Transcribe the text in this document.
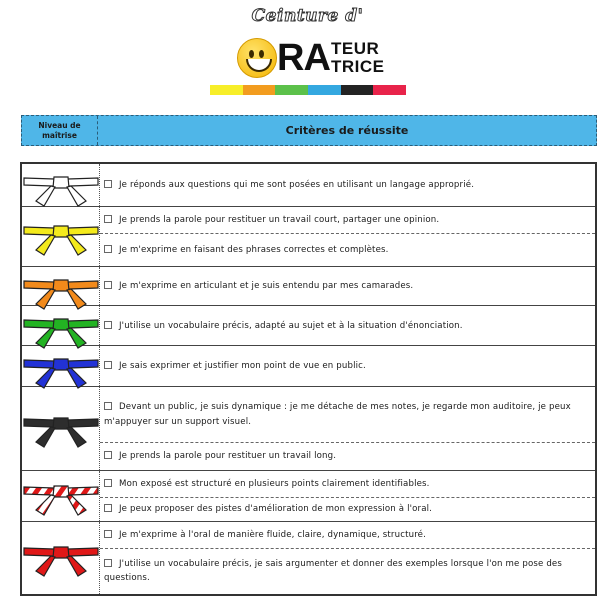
Ceinture d'
RA TEUR
TRICE
Niveau de maîtrise	Critères de réussite
Je réponds aux questions qui me sont posées en utilisant un langage approprié.
Je prends la parole pour restituer un travail court, partager une opinion.
Je m'exprime en faisant des phrases correctes et complètes.
Je m'exprime en articulant et je suis entendu par mes camarades.
J'utilise un vocabulaire précis, adapté au sujet et à la situation d'énonciation.
Je sais exprimer et justifier mon point de vue en public.
Devant un public, je suis dynamique : je me détache de mes notes, je regarde mon auditoire, je peux m'appuyer sur un support visuel.
Je prends la parole pour restituer un travail long.
Mon exposé est structuré en plusieurs points clairement identifiables.
Je peux proposer des pistes d'amélioration de mon expression à l'oral.
Je m'exprime à l'oral de manière fluide, claire, dynamique, structuré.
J'utilise un vocabulaire précis, je sais argumenter et donner des exemples lorsque l'on me pose des questions.
